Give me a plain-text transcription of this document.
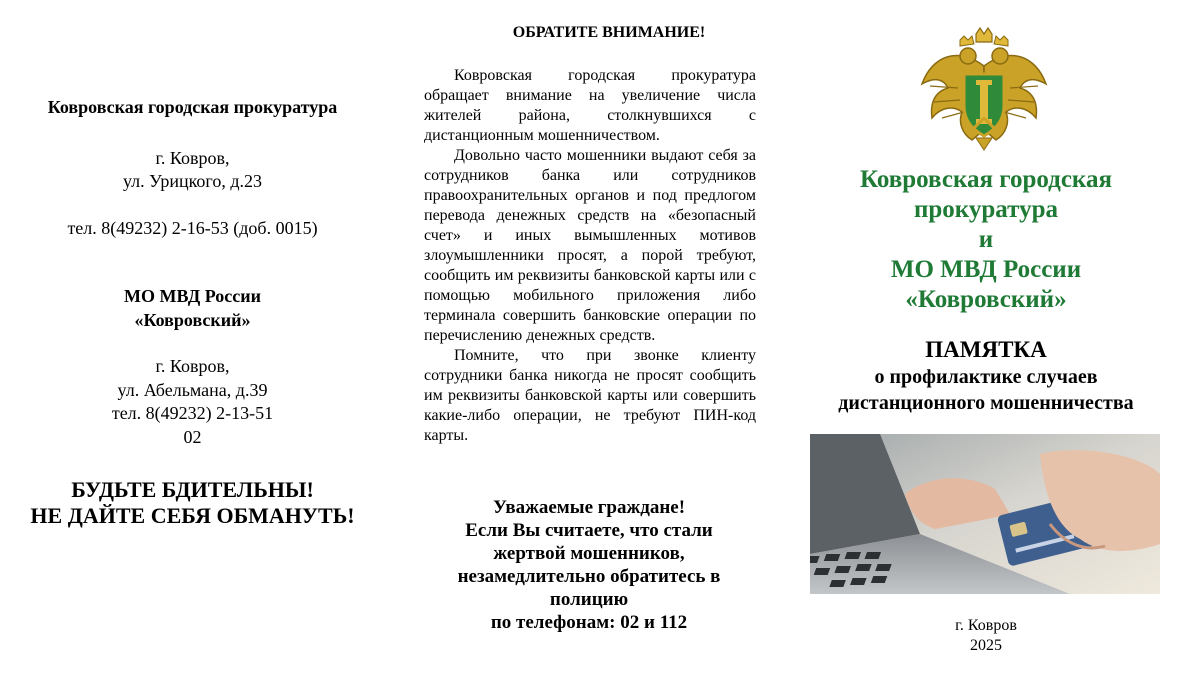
Ковровская городская прокуратура
г. Ковров,
ул. Урицкого, д.23
тел. 8(49232) 2-16-53 (доб. 0015)
МО МВД России
«Ковровский»
г. Ковров,
ул. Абельмана, д.39
тел. 8(49232) 2-13-51
02
БУДЬТЕ БДИТЕЛЬНЫ!
НЕ ДАЙТЕ СЕБЯ ОБМАНУТЬ!
ОБРАТИТЕ ВНИМАНИЕ!

Ковровская городская прокуратура обращает внимание на увеличение числа жителей района, столкнувшихся с дистанционным мошенничеством.

Довольно часто мошенники выдают себя за сотрудников банка или сотрудников правоохранительных органов и под предлогом перевода денежных средств на «безопасный счет» и иных вымышленных мотивов злоумышленники просят, а порой требуют, сообщить им реквизиты банковской карты или с помощью мобильного приложения либо терминала совершить банковские операции по перечислению денежных средств.

Помните, что при звонке клиенту сотрудники банка никогда не просят сообщить им реквизиты банковской карты или совершить какие-либо операции, не требуют ПИН-код карты.

Уважаемые граждане!
Если Вы считаете, что стали
жертвой мошенников,
незамедлительно обратитесь в
полицию
по телефонам: 02 и 112
Ковровская городская
прокуратура
и
МО МВД России
«Ковровский»
ПАМЯТКА
о профилактике случаев
дистанционного мошенничества
г. Ковров
2025
